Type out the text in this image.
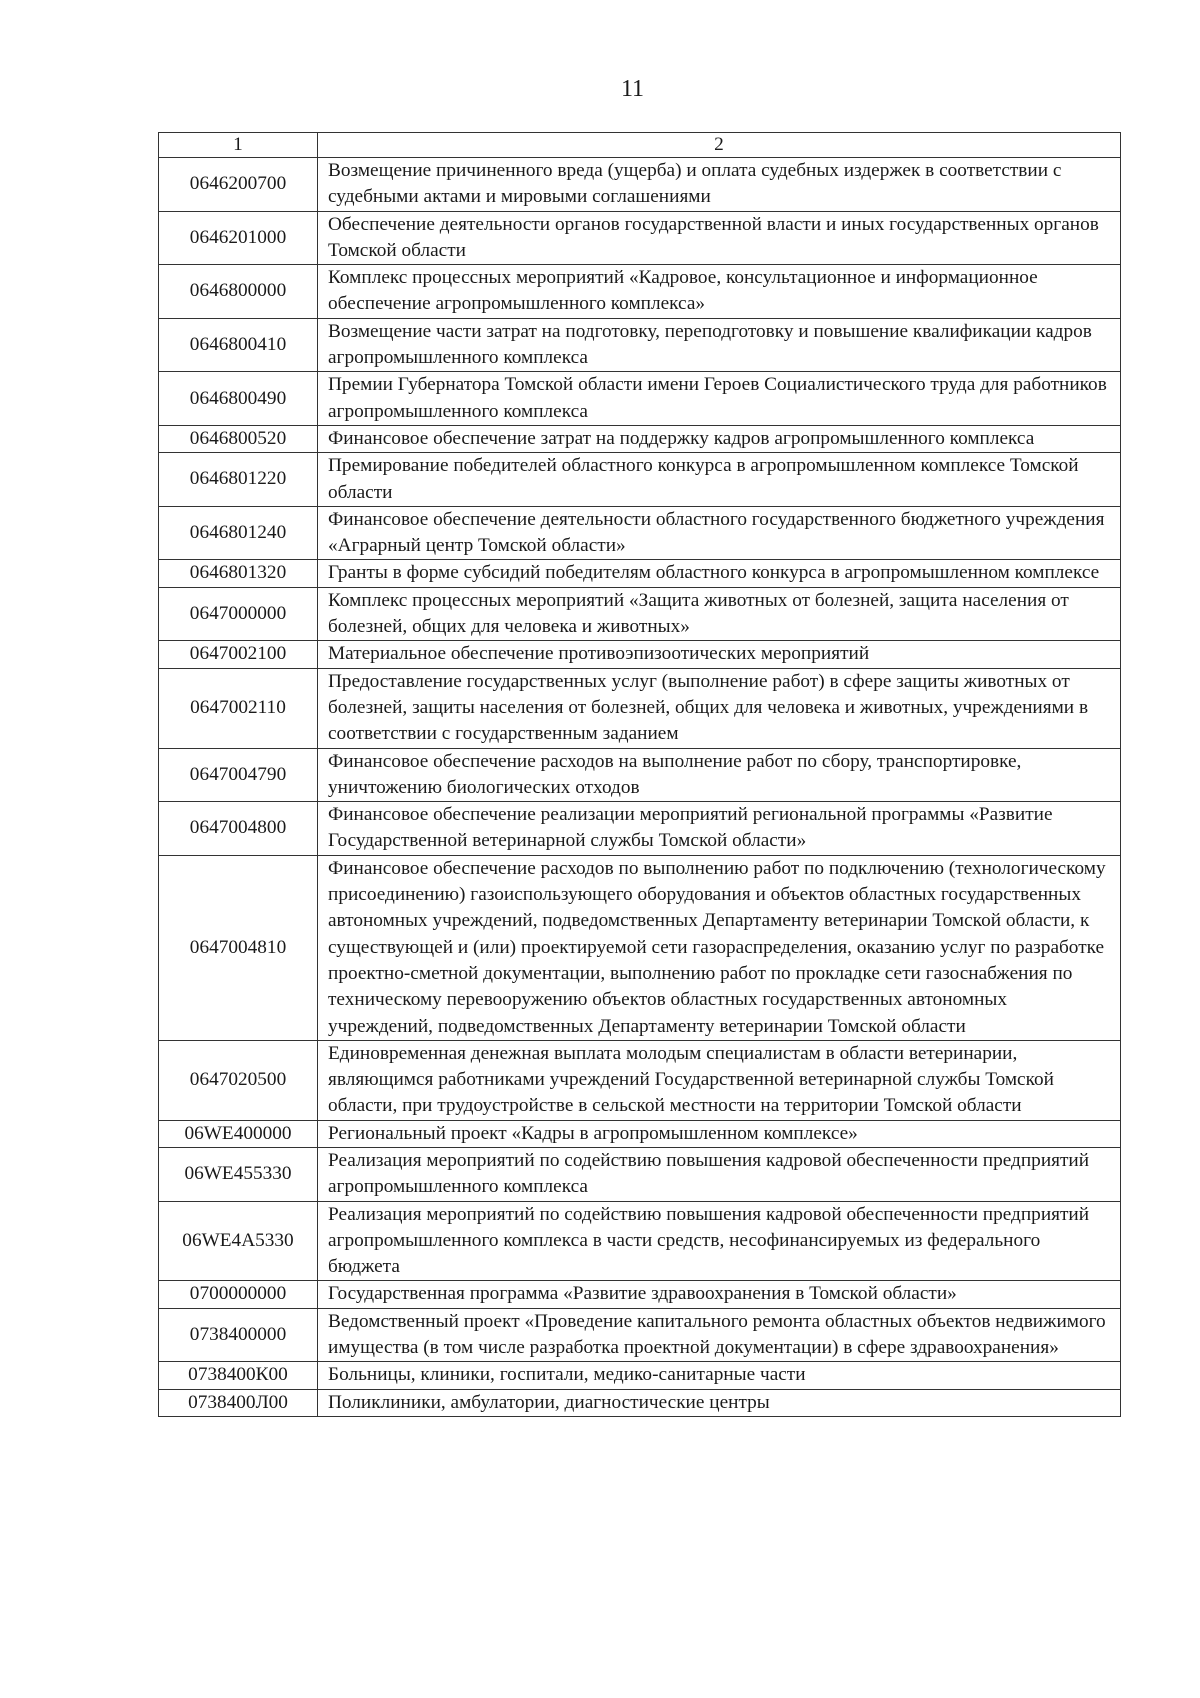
11
1	2
0646200700	Возмещение причиненного вреда (ущерба) и оплата судебных издержек в соответствии с судебными актами и мировыми соглашениями
0646201000	Обеспечение деятельности органов государственной власти и иных государственных органов Томской области
0646800000	Комплекс процессных мероприятий «Кадровое, консультационное и информационное обеспечение агропромышленного комплекса»
0646800410	Возмещение части затрат на подготовку, переподготовку и повышение квалификации кадров агропромышленного комплекса
0646800490	Премии Губернатора Томской области имени Героев Социалистического труда для работников агропромышленного комплекса
0646800520	Финансовое обеспечение затрат на поддержку кадров агропромышленного комплекса
0646801220	Премирование победителей областного конкурса в агропромышленном комплексе Томской области
0646801240	Финансовое обеспечение деятельности областного государственного бюджетного учреждения «Аграрный центр Томской области»
0646801320	Гранты в форме субсидий победителям областного конкурса в агропромышленном комплексе
0647000000	Комплекс процессных мероприятий «Защита животных от болезней, защита населения от болезней, общих для человека и животных»
0647002100	Материальное обеспечение противоэпизоотических мероприятий
0647002110	Предоставление государственных услуг (выполнение работ) в сфере защиты животных от болезней, защиты населения от болезней, общих для человека и животных, учреждениями в соответствии с государственным заданием
0647004790	Финансовое обеспечение расходов на выполнение работ по сбору, транспортировке, уничтожению биологических отходов
0647004800	Финансовое обеспечение реализации мероприятий региональной программы «Развитие Государственной ветеринарной службы Томской области»
0647004810	Финансовое обеспечение расходов по выполнению работ по подключению (технологическому присоединению) газоиспользующего оборудования и объектов областных государственных автономных учреждений, подведомственных Департаменту ветеринарии Томской области, к существующей и (или) проектируемой сети газораспределения, оказанию услуг по разработке проектно-сметной документации, выполнению работ по прокладке сети газоснабжения по техническому перевооружению объектов областных государственных автономных учреждений, подведомственных Департаменту ветеринарии Томской области
0647020500	Единовременная денежная выплата молодым специалистам в области ветеринарии, являющимся работниками учреждений Государственной ветеринарной службы Томской области, при трудоустройстве в сельской местности на территории Томской области
06WE400000	Региональный проект «Кадры в агропромышленном комплексе»
06WE455330	Реализация мероприятий по содействию повышения кадровой обеспеченности предприятий агропромышленного комплекса
06WE4A5330	Реализация мероприятий по содействию повышения кадровой обеспеченности предприятий агропромышленного комплекса в части средств, несофинансируемых из федерального бюджета
0700000000	Государственная программа «Развитие здравоохранения в Томской области»
0738400000	Ведомственный проект «Проведение капитального ремонта областных объектов недвижимого имущества (в том числе разработка проектной документации) в сфере здравоохранения»
0738400К00	Больницы, клиники, госпитали, медико-санитарные части
0738400Л00	Поликлиники, амбулатории, диагностические центры
